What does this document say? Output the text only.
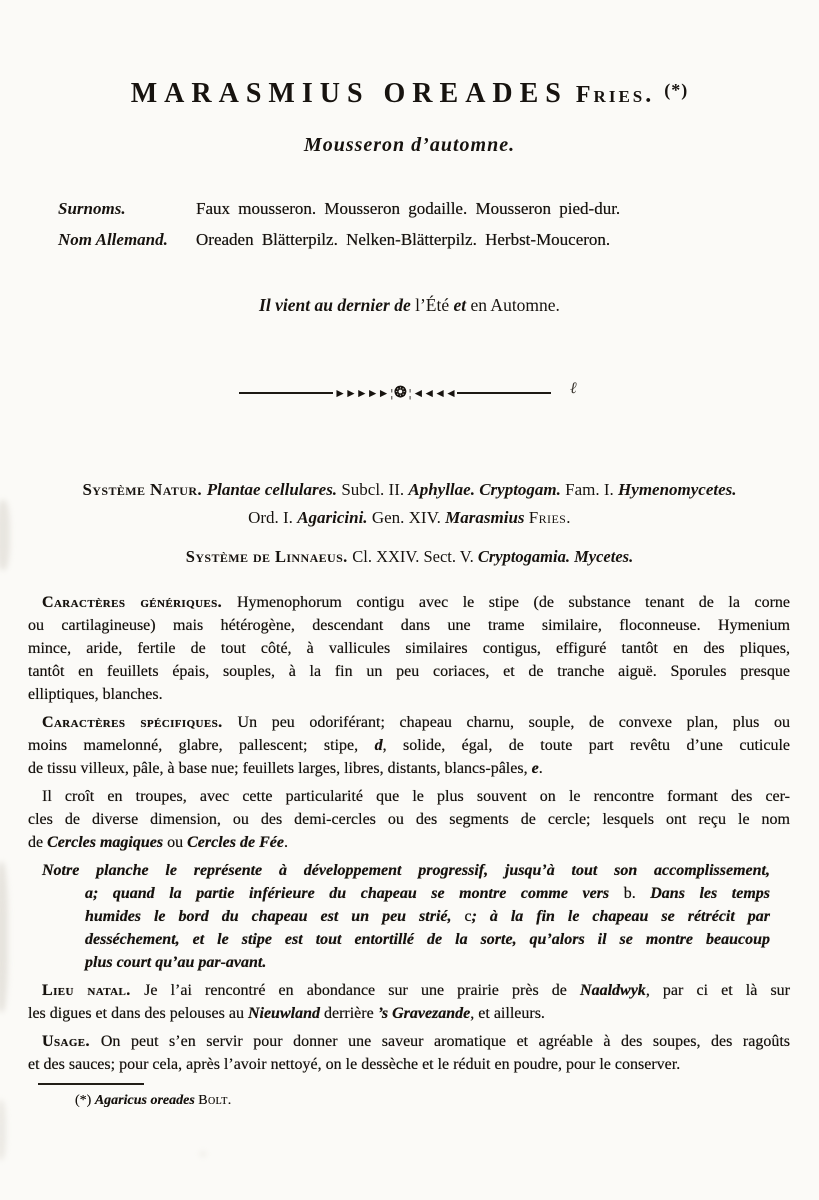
MARASMIUS OREADES Fries. (*)
Mousseron d’automne.
Surnoms.	Faux mousseron. Mousseron godaille. Mousseron pied-dur.
Nom Allemand.	Oreaden Blätterpilz. Nelken-Blätterpilz. Herbst-Mouceron.
Il vient au dernier de l’Été et en Automne.
►►►►► ¦ ❂ ¦ ◄◄◄◄	ℓ
Système Natur. Plantae cellulares. Subcl. II. Aphyllae. Cryptogam. Fam. I. Hymenomycetes.
Ord. I. Agaricini. Gen. XIV. Marasmius Fries.
Système de Linnaeus. Cl. XXIV. Sect. V. Cryptogamia. Mycetes.
Caractères génériques. Hymenophorum contigu avec le stipe (de substance tenant de la corne
ou cartilagineuse) mais hétérogène, descendant dans une trame similaire, floconneuse. Hymenium
mince, aride, fertile de tout côté, à vallicules similaires contigus, effiguré tantôt en des pliques,
tantôt en feuillets épais, souples, à la fin un peu coriaces, et de tranche aiguë. Sporules presque
elliptiques, blanches.
Caractères spécifiques. Un peu odoriférant; chapeau charnu, souple, de convexe plan, plus ou
moins mamelonné, glabre, pallescent; stipe, d, solide, égal, de toute part revêtu d’une cuticule
de tissu villeux, pâle, à base nue; feuillets larges, libres, distants, blancs-pâles, e.
Il croît en troupes, avec cette particularité que le plus souvent on le rencontre formant des cer-
cles de diverse dimension, ou des demi-cercles ou des segments de cercle; lesquels ont reçu le nom
de Cercles magiques ou Cercles de Fée.
Notre planche le représente à développement progressif, jusqu’à tout son accomplissement,
a; quand la partie inférieure du chapeau se montre comme vers b. Dans les temps
humides le bord du chapeau est un peu strié, c; à la fin le chapeau se rétrécit par
desséchement, et le stipe est tout entortillé de la sorte, qu’alors il se montre beaucoup
plus court qu’au par-avant.
Lieu natal. Je l’ai rencontré en abondance sur une prairie près de Naaldwyk, par ci et là sur
les digues et dans des pelouses au Nieuwland derrière ’s Gravezande, et ailleurs.
Usage. On peut s’en servir pour donner une saveur aromatique et agréable à des soupes, des ragoûts
et des sauces; pour cela, après l’avoir nettoyé, on le dessèche et le réduit en poudre, pour le conserver.
(*) Agaricus oreades Bolt.
